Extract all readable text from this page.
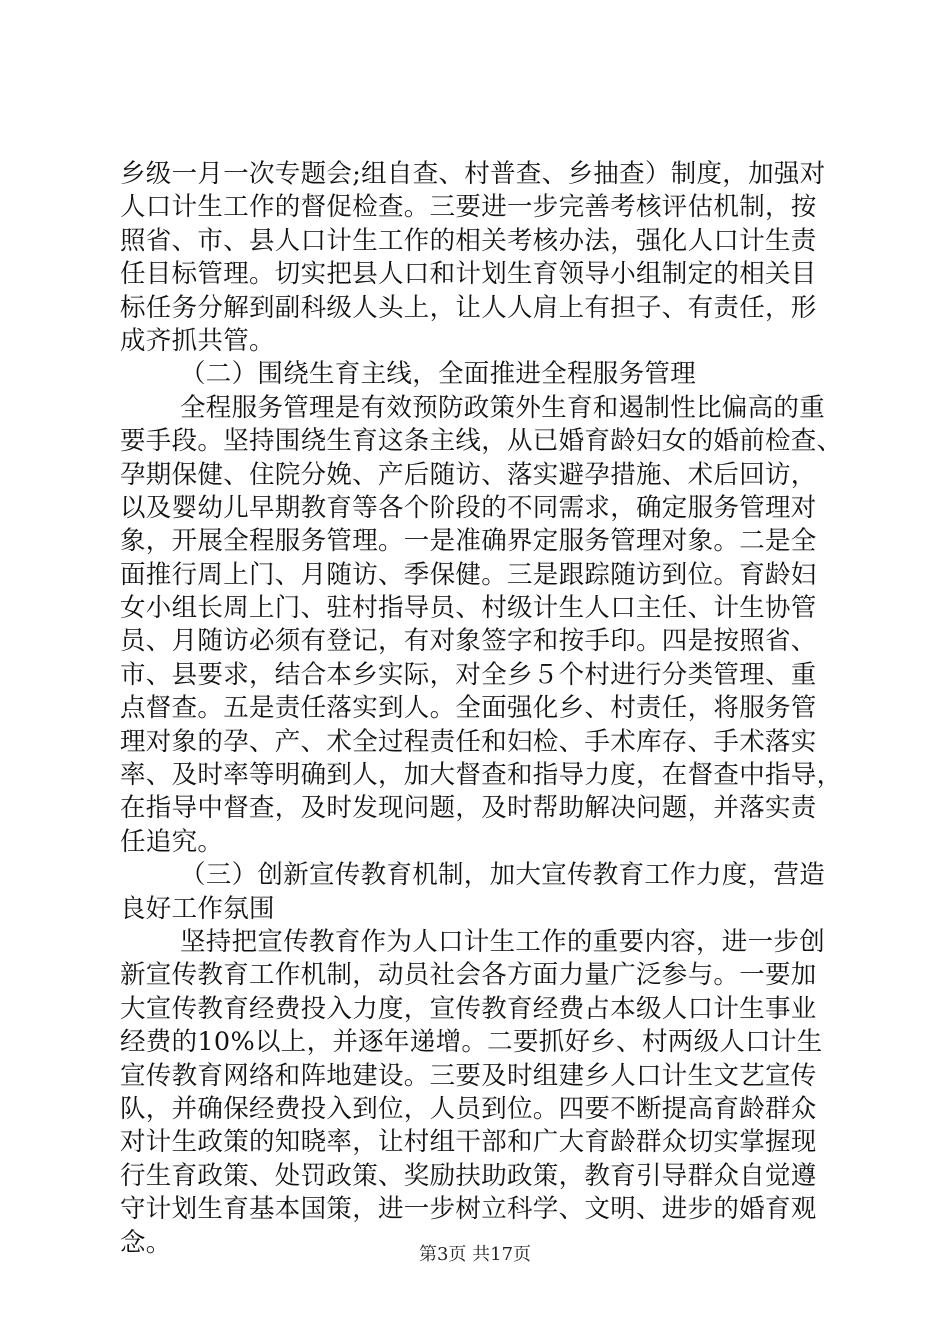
乡级一月一次专题会;组自查、村普查、乡抽查）制度，加强对
人口计生工作的督促检查。三要进一步完善考核评估机制，按
照省、市、县人口计生工作的相关考核办法，强化人口计生责
任目标管理。切实把县人口和计划生育领导小组制定的相关目
标任务分解到副科级人头上，让人人肩上有担子、有责任，形
成齐抓共管。
（二）围绕生育主线，全面推进全程服务管理
全程服务管理是有效预防政策外生育和遏制性比偏高的重
要手段。坚持围绕生育这条主线，从已婚育龄妇女的婚前检查、
孕期保健、住院分娩、产后随访、落实避孕措施、术后回访，
以及婴幼儿早期教育等各个阶段的不同需求，确定服务管理对
象，开展全程服务管理。一是准确界定服务管理对象。二是全
面推行周上门、月随访、季保健。三是跟踪随访到位。育龄妇
女小组长周上门、驻村指导员、村级计生人口主任、计生协管
员、月随访必须有登记，有对象签字和按手印。四是按照省、
市、县要求，结合本乡实际，对全乡５个村进行分类管理、重
点督查。五是责任落实到人。全面强化乡、村责任，将服务管
理对象的孕、产、术全过程责任和妇检、手术库存、手术落实
率、及时率等明确到人，加大督查和指导力度，在督查中指导，
在指导中督查，及时发现问题，及时帮助解决问题，并落实责
任追究。
（三）创新宣传教育机制，加大宣传教育工作力度，营造
良好工作氛围
坚持把宣传教育作为人口计生工作的重要内容，进一步创
新宣传教育工作机制，动员社会各方面力量广泛参与。一要加
大宣传教育经费投入力度，宣传教育经费占本级人口计生事业
经费的10%以上，并逐年递增。二要抓好乡、村两级人口计生
宣传教育网络和阵地建设。三要及时组建乡人口计生文艺宣传
队，并确保经费投入到位，人员到位。四要不断提高育龄群众
对计生政策的知晓率，让村组干部和广大育龄群众切实掌握现
行生育政策、处罚政策、奖励扶助政策，教育引导群众自觉遵
守计划生育基本国策，进一步树立科学、文明、进步的婚育观
念。	第3页 共17页
